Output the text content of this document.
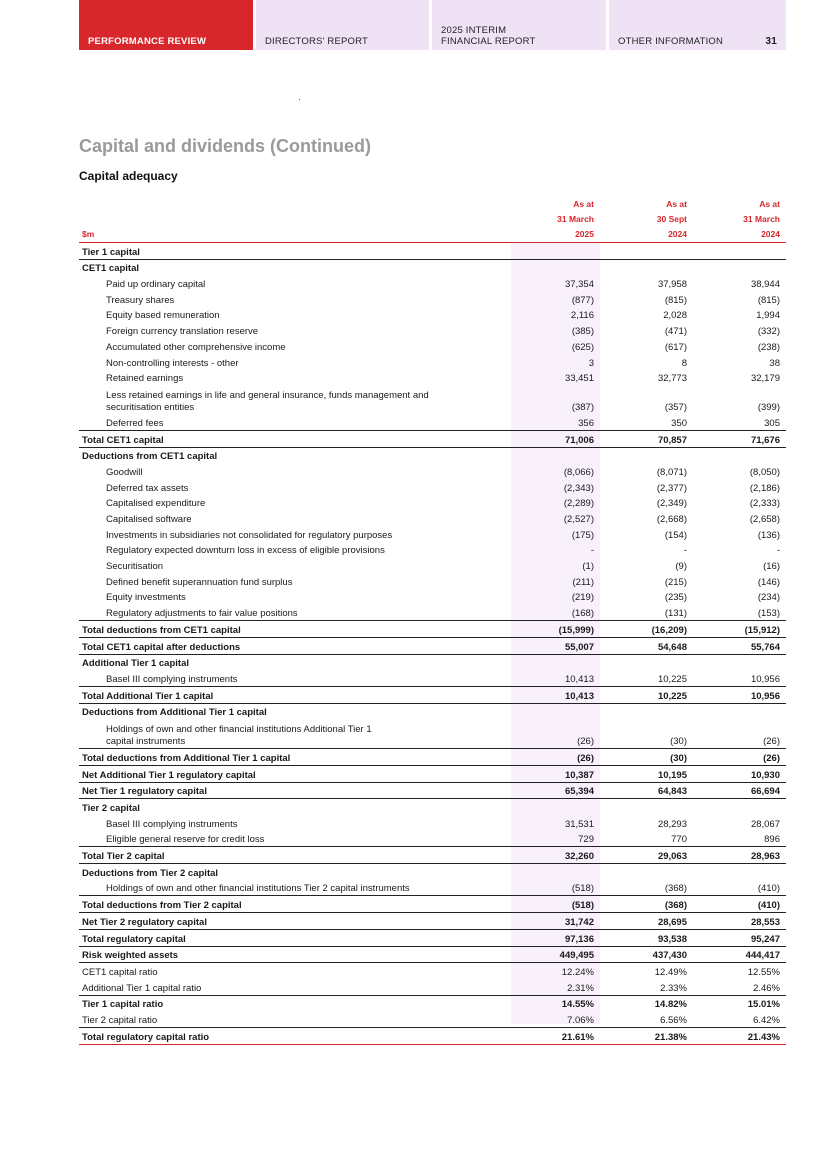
PERFORMANCE REVIEW	DIRECTORS' REPORT
2025 INTERIM
FINANCIAL REPORT	OTHER INFORMATION	31
Capital and dividends (Continued)
Capital adequacy
	As at	As at	As at
	31 March	30 Sept	31 March
$m	2025	2024	2024
Tier 1 capital			
CET1 capital			
Paid up ordinary capital	37,354	37,958	38,944
Treasury shares	(877)	(815)	(815)
Equity based remuneration	2,116	2,028	1,994
Foreign currency translation reserve	(385)	(471)	(332)
Accumulated other comprehensive income	(625)	(617)	(238)
Non-controlling interests - other	3	8	38
Retained earnings	33,451	32,773	32,179
Less retained earnings in life and general insurance, funds management and
securitisation entities	(387)	(357)	(399)
Deferred fees	356	350	305
Total CET1 capital	71,006	70,857	71,676
Deductions from CET1 capital			
Goodwill	(8,066)	(8,071)	(8,050)
Deferred tax assets	(2,343)	(2,377)	(2,186)
Capitalised expenditure	(2,289)	(2,349)	(2,333)
Capitalised software	(2,527)	(2,668)	(2,658)
Investments in subsidiaries not consolidated for regulatory purposes	(175)	(154)	(136)
Regulatory expected downturn loss in excess of eligible provisions	-	-	-
Securitisation	(1)	(9)	(16)
Defined benefit superannuation fund surplus	(211)	(215)	(146)
Equity investments	(219)	(235)	(234)
Regulatory adjustments to fair value positions	(168)	(131)	(153)
Total deductions from CET1 capital	(15,999)	(16,209)	(15,912)
Total CET1 capital after deductions	55,007	54,648	55,764
Additional Tier 1 capital			
Basel III complying instruments	10,413	10,225	10,956
Total Additional Tier 1 capital	10,413	10,225	10,956
Deductions from Additional Tier 1 capital			
Holdings of own and other financial institutions Additional Tier 1
capital instruments	(26)	(30)	(26)
Total deductions from Additional Tier 1 capital	(26)	(30)	(26)
Net Additional Tier 1 regulatory capital	10,387	10,195	10,930
Net Tier 1 regulatory capital	65,394	64,843	66,694
Tier 2 capital			
Basel III complying instruments	31,531	28,293	28,067
Eligible general reserve for credit loss	729	770	896
Total Tier 2 capital	32,260	29,063	28,963
Deductions from Tier 2 capital			
Holdings of own and other financial institutions Tier 2 capital instruments	(518)	(368)	(410)
Total deductions from Tier 2 capital	(518)	(368)	(410)
Net Tier 2 regulatory capital	31,742	28,695	28,553
Total regulatory capital	97,136	93,538	95,247
Risk weighted assets	449,495	437,430	444,417
CET1 capital ratio	12.24%	12.49%	12.55%
Additional Tier 1 capital ratio	2.31%	2.33%	2.46%
Tier 1 capital ratio	14.55%	14.82%	15.01%
Tier 2 capital ratio	7.06%	6.56%	6.42%
Total regulatory capital ratio	21.61%	21.38%	21.43%
